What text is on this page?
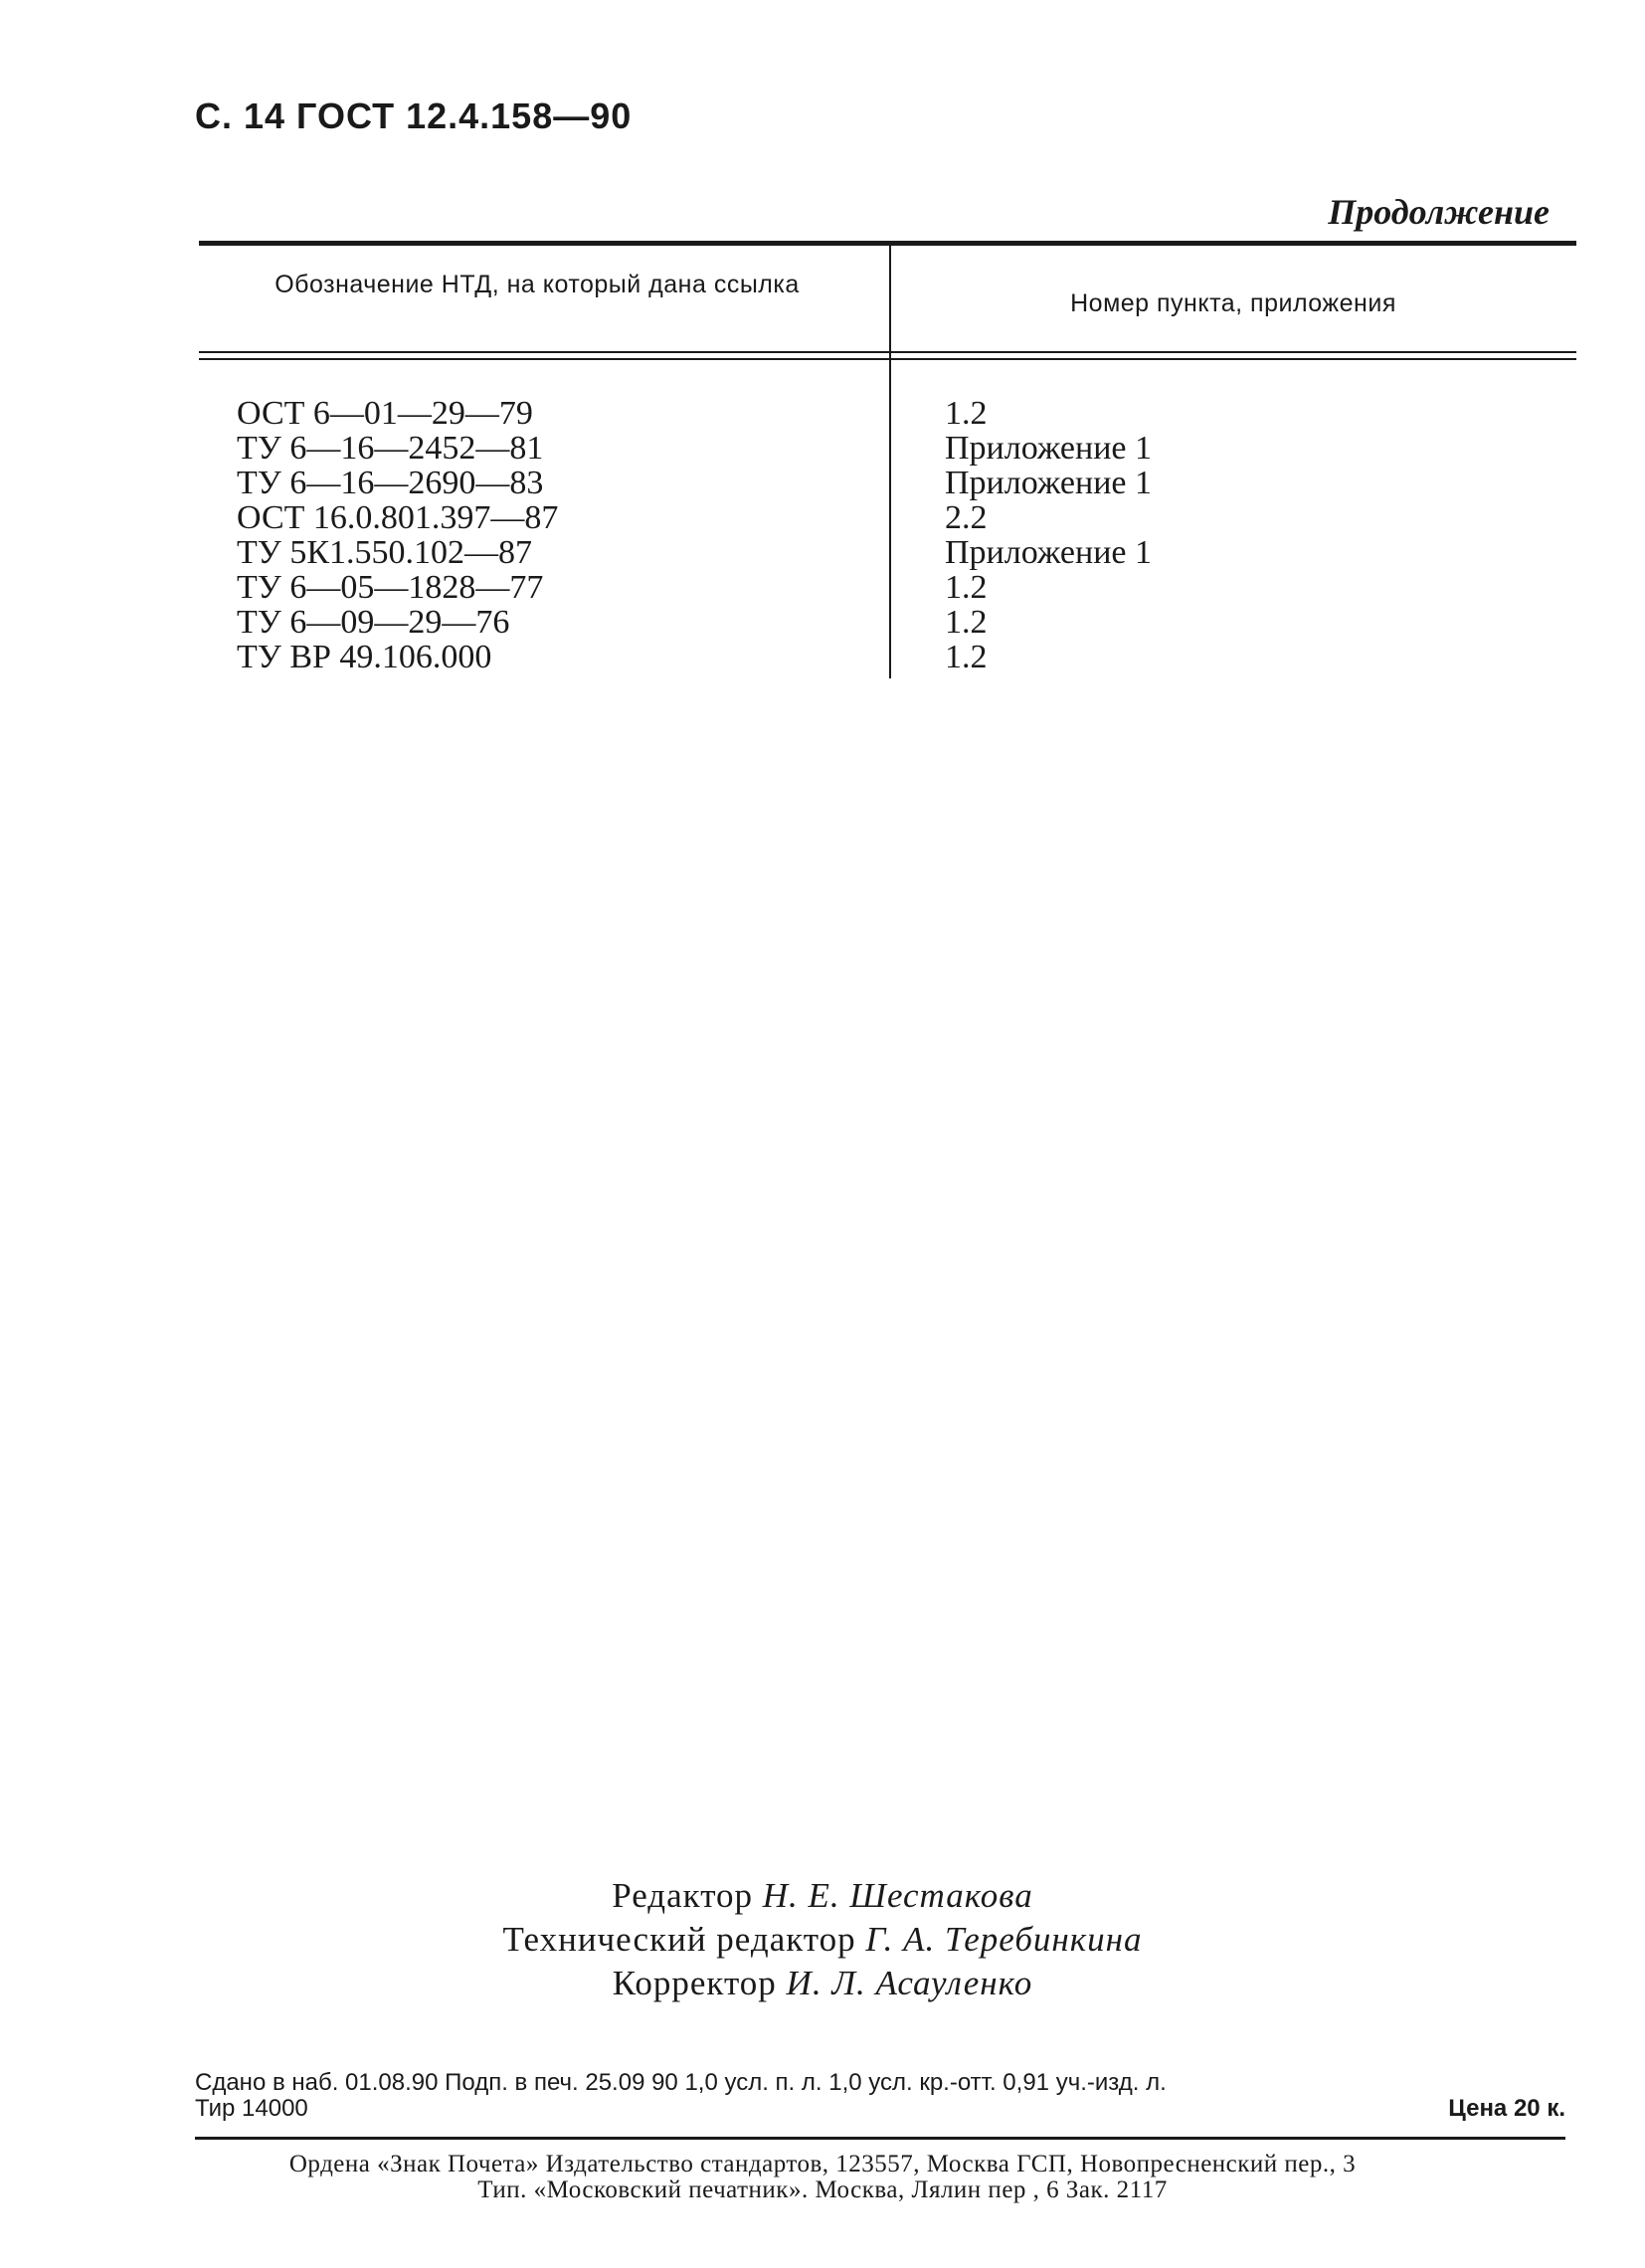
С. 14 ГОСТ 12.4.158—90
Продолжение
Обозначение НТД, на который дана ссылка
Номер пункта, приложения
ОСТ 6—01—29—79	1.2
ТУ 6—16—2452—81	Приложение 1
ТУ 6—16—2690—83	Приложение 1
ОСТ 16.0.801.397—87	2.2
ТУ 5К1.550.102—87	Приложение 1
ТУ 6—05—1828—77	1.2
ТУ 6—09—29—76	1.2
ТУ ВР 49.106.000	1.2
Редактор Н. Е. Шестакова
Технический редактор Г. А. Теребинкина
Корректор И. Л. Асауленко
Сдано в наб. 01.08.90 Подп. в печ. 25.09 90 1,0 усл. п. л. 1,0 усл. кр.-отт. 0,91 уч.-изд. л.
Тир 14000	Цена 20 к.
Ордена «Знак Почета» Издательство стандартов, 123557, Москва ГСП, Новопресненский пер., 3
Тип. «Московский печатник». Москва, Лялин пер , 6 Зак. 2117
